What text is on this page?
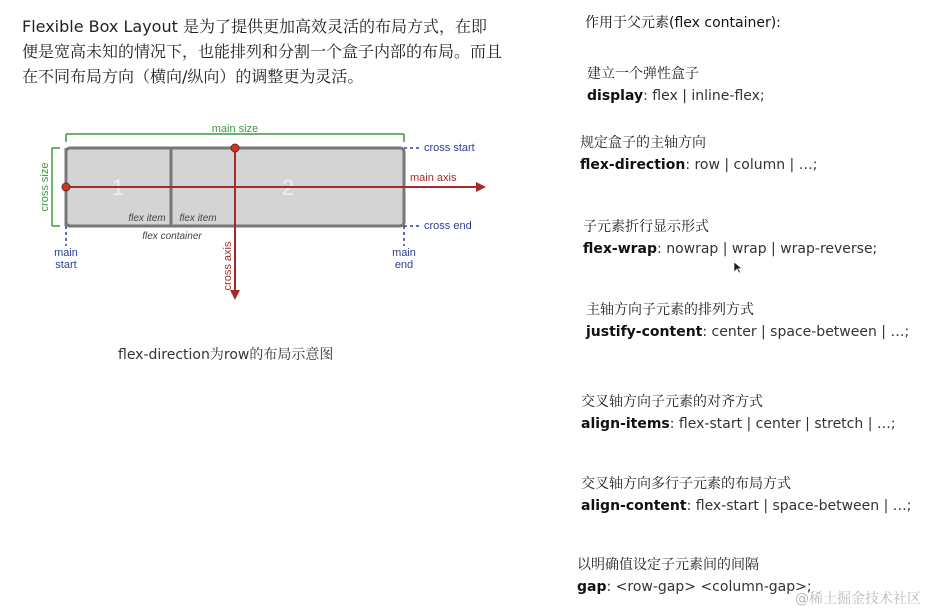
Flexible Box Layout 是为了提供更加高效灵活的布局方式，在即便是宽高未知的情况下，也能排列和分割一个盒子内部的布局。而且在不同布局方向（横向/纵向）的调整更为灵活。
main size
cross size	1	2
flex item flex item
flex container
cross start
cross end
main
start
main
end
main axis
cross axis
flex-direction为row的布局示意图
作用于父元素(flex container):
建立一个弹性盒子
display: flex | inline-flex;
规定盒子的主轴方向
flex-direction: row | column | …;
子元素折行显示形式
flex-wrap: nowrap | wrap | wrap-reverse;
主轴方向子元素的排列方式
justify-content: center | space-between | …;
交叉轴方向子元素的对齐方式
align-items: flex-start | center | stretch | …;
交叉轴方向多行子元素的布局方式
align-content: flex-start | space-between | …;
以明确值设定子元素间的间隔
gap: <row-gap> <column-gap>;
@稀土掘金技术社区
